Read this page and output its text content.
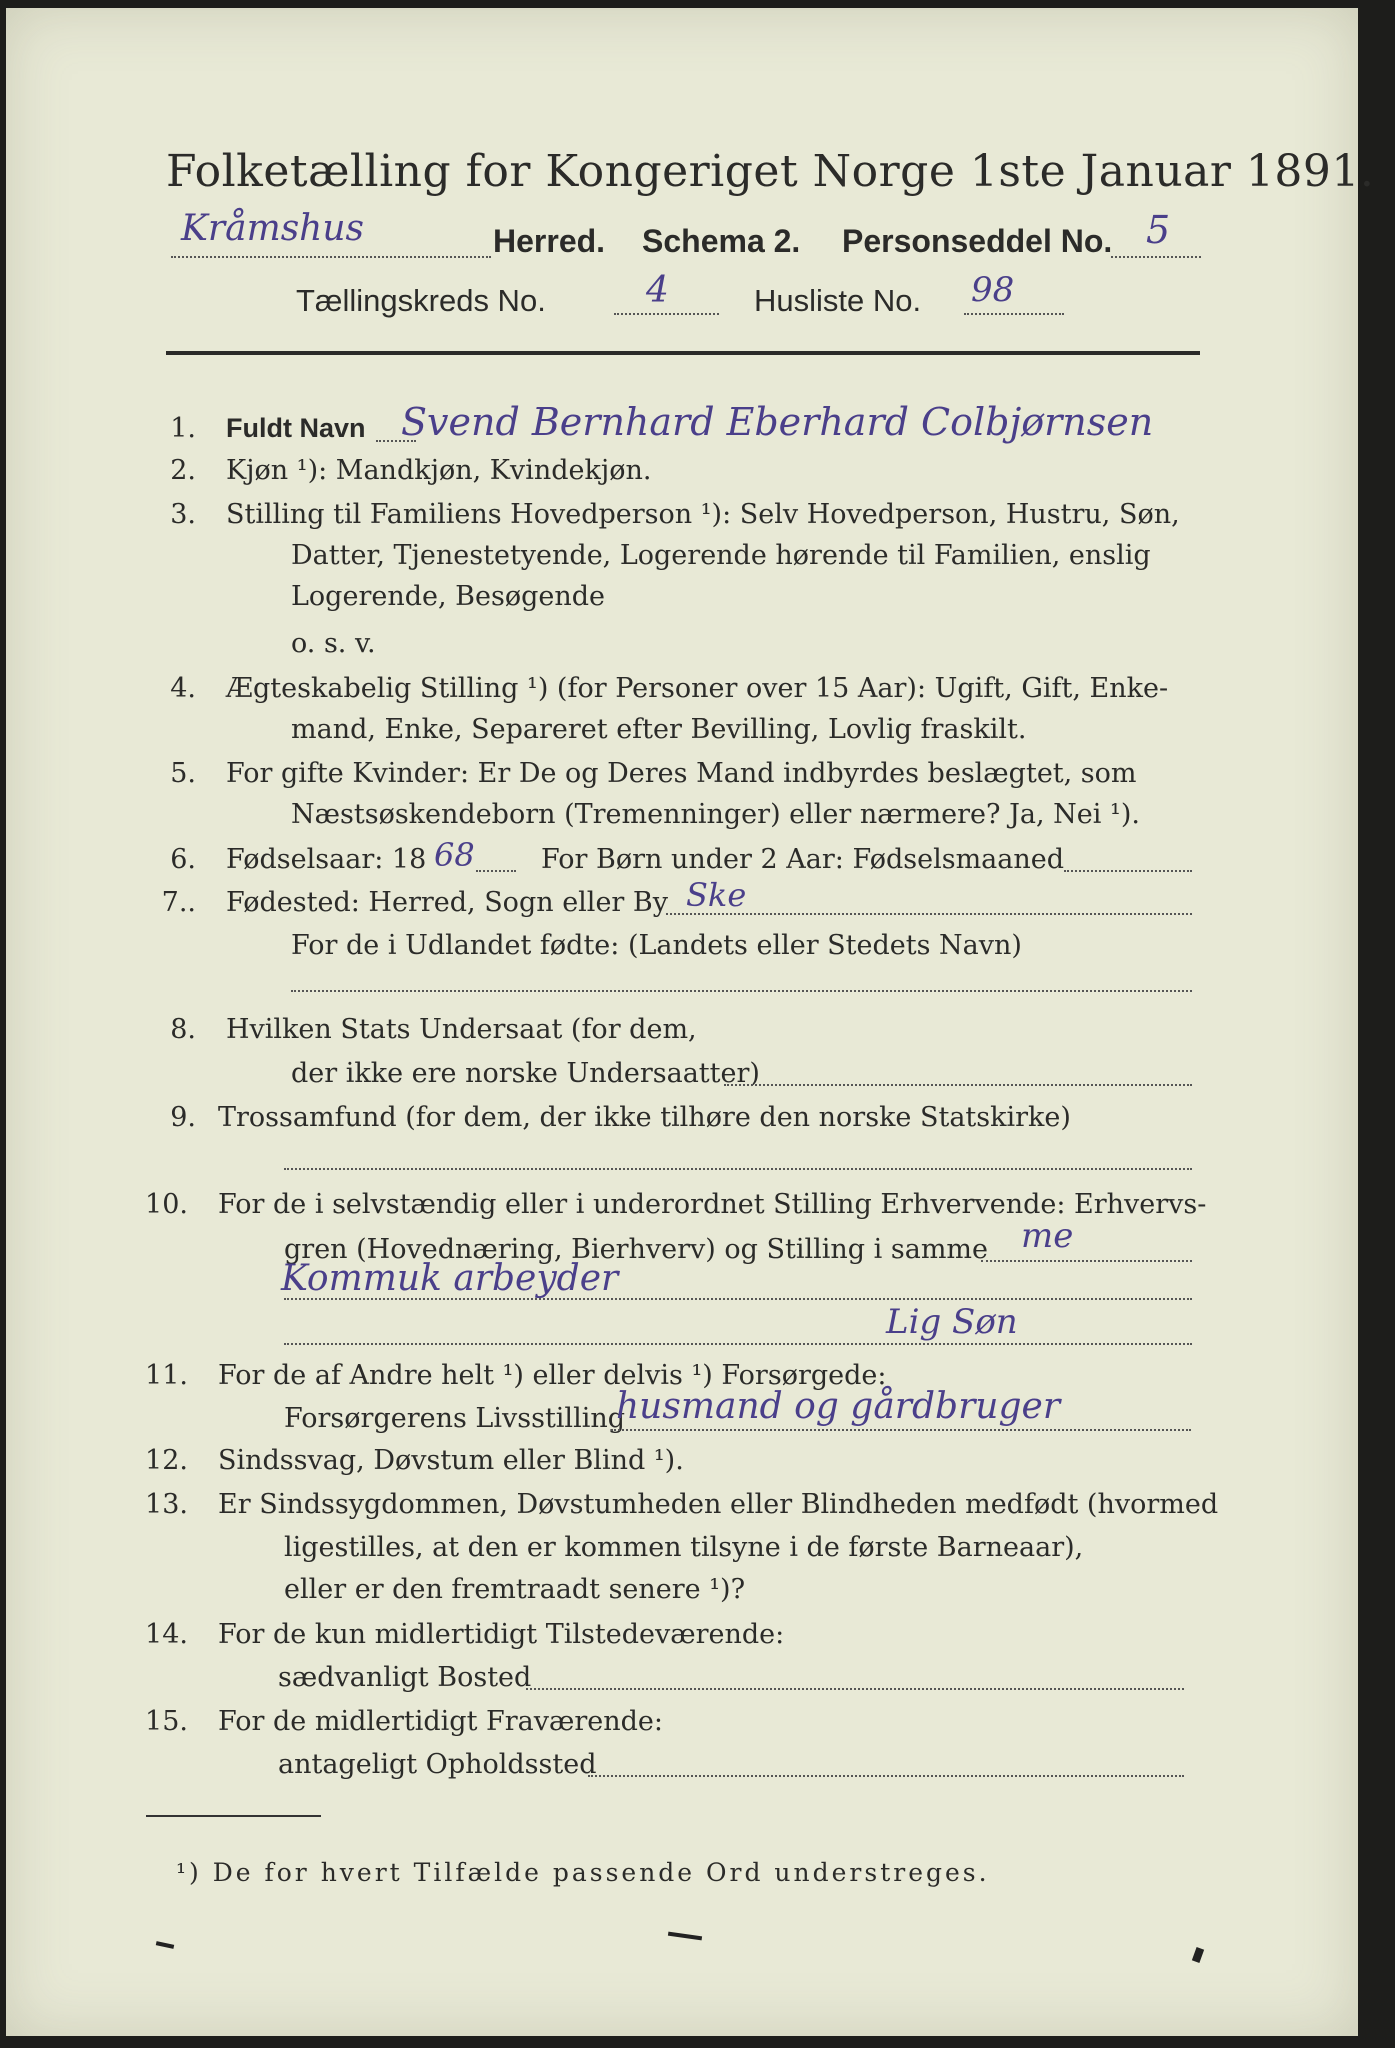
Folketælling for Kongeriget Norge 1ste Januar 1891.
Kråmshus	Herred. Schema 2. Personseddel No. 5
Tællingskreds No.	4	Husliste No. 98
1. Fuldt Navn Svend Bernhard Eberhard Colbjørnsen
2. Kjøn ¹): Mandkjøn, Kvindekjøn.
3. Stilling til Familiens Hovedperson ¹): Selv Hovedperson, Hustru, Søn,
Datter, Tjenestetyende, Logerende hørende til Familien, enslig
Logerende, Besøgende
o. s. v.
4. Ægteskabelig Stilling ¹) (for Personer over 15 Aar): Ugift, Gift, Enke-
mand, Enke, Separeret efter Bevilling, Lovlig fraskilt.
5. For gifte Kvinder: Er De og Deres Mand indbyrdes beslægtet, som
Næstsøskendeborn (Tremenninger) eller nærmere? Ja, Nei ¹).
6. Fødselsaar: 18 68 For Børn under 2 Aar: Fødselsmaaned
7.. Fødested: Herred, Sogn eller By Ske
For de i Udlandet fødte: (Landets eller Stedets Navn)
8. Hvilken Stats Undersaat (for dem,
der ikke ere norske Undersaatter)
9. Trossamfund (for dem, der ikke tilhøre den norske Statskirke)
10. For de i selvstændig eller i underordnet Stilling Erhvervende: Erhvervs-
gren (Hovednæring, Bierhverv) og Stilling i samme me
Kommuk arbeyder
Lig Søn
11. For de af Andre helt ¹) eller delvis ¹) Forsørgede:
Forsørgerens Livsstilling
husmand og gårdbruger
12. Sindssvag, Døvstum eller Blind ¹).
13. Er Sindssygdommen, Døvstumheden eller Blindheden medfødt (hvormed
ligestilles, at den er kommen tilsyne i de første Barneaar),
eller er den fremtraadt senere ¹)?
14. For de kun midlertidigt Tilstedeværende:
sædvanligt Bosted
15. For de midlertidigt Fraværende:
antageligt Opholdssted
¹) De for hvert Tilfælde passende Ord understreges.
